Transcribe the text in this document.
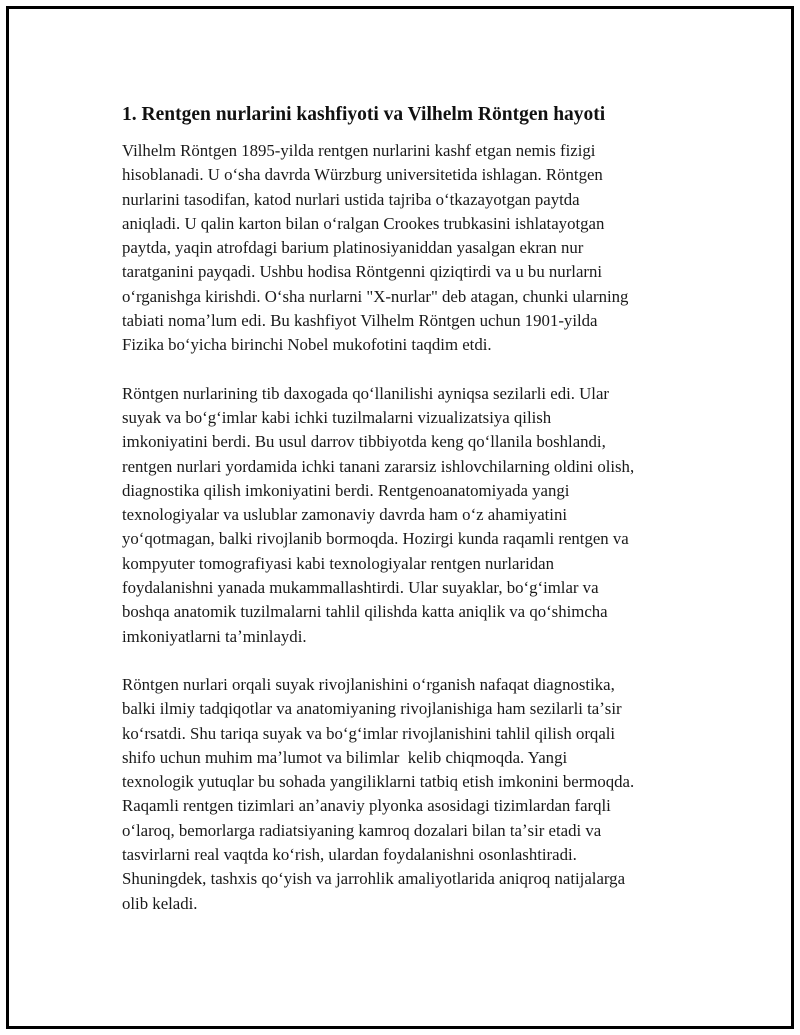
1. Rentgen nurlarini kashfiyoti va Vilhelm Röntgen hayoti
Vilhelm Röntgen 1895-yilda rentgen nurlarini kashf etgan nemis fizigi
hisoblanadi. U oʻsha davrda Würzburg universitetida ishlagan. Röntgen
nurlarini tasodifan, katod nurlari ustida tajriba oʻtkazayotgan paytda
aniqladi. U qalin karton bilan oʻralgan Crookes trubkasini ishlatayotgan
paytda, yaqin atrofdagi barium platinosiyaniddan yasalgan ekran nur
taratganini payqadi. Ushbu hodisa Röntgenni qiziqtirdi va u bu nurlarni
oʻrganishga kirishdi. Oʻsha nurlarni "X-nurlar" deb atagan, chunki ularning
tabiati nomaʼlum edi. Bu kashfiyot Vilhelm Röntgen uchun 1901-yilda
Fizika boʻyicha birinchi Nobel mukofotini taqdim etdi.
Röntgen nurlarining tib daxogada qoʻllanilishi ayniqsa sezilarli edi. Ular
suyak va boʻgʻimlar kabi ichki tuzilmalarni vizualizatsiya qilish
imkoniyatini berdi. Bu usul darrov tibbiyotda keng qoʻllanila boshlandi,
rentgen nurlari yordamida ichki tanani zararsiz ishlovchilarning oldini olish,
diagnostika qilish imkoniyatini berdi. Rentgenoanatomiyada yangi
texnologiyalar va uslublar zamonaviy davrda ham oʻz ahamiyatini
yoʻqotmagan, balki rivojlanib bormoqda. Hozirgi kunda raqamli rentgen va
kompyuter tomografiyasi kabi texnologiyalar rentgen nurlaridan
foydalanishni yanada mukammallashtirdi. Ular suyaklar, boʻgʻimlar va
boshqa anatomik tuzilmalarni tahlil qilishda katta aniqlik va qoʻshimcha
imkoniyatlarni taʼminlaydi.
Röntgen nurlari orqali suyak rivojlanishini oʻrganish nafaqat diagnostika,
balki ilmiy tadqiqotlar va anatomiyaning rivojlanishiga ham sezilarli taʼsir
koʻrsatdi. Shu tariqa suyak va boʻgʻimlar rivojlanishini tahlil qilish orqali
shifo uchun muhim maʼlumot va bilimlar  kelib chiqmoqda. Yangi
texnologik yutuqlar bu sohada yangiliklarni tatbiq etish imkonini bermoqda.
Raqamli rentgen tizimlari anʼanaviy plyonka asosidagi tizimlardan farqli
oʻlaroq, bemorlarga radiatsiyaning kamroq dozalari bilan taʼsir etadi va
tasvirlarni real vaqtda koʻrish, ulardan foydalanishni osonlashtiradi.
Shuningdek, tashxis qoʻyish va jarrohlik amaliyotlarida aniqroq natijalarga
olib keladi.
